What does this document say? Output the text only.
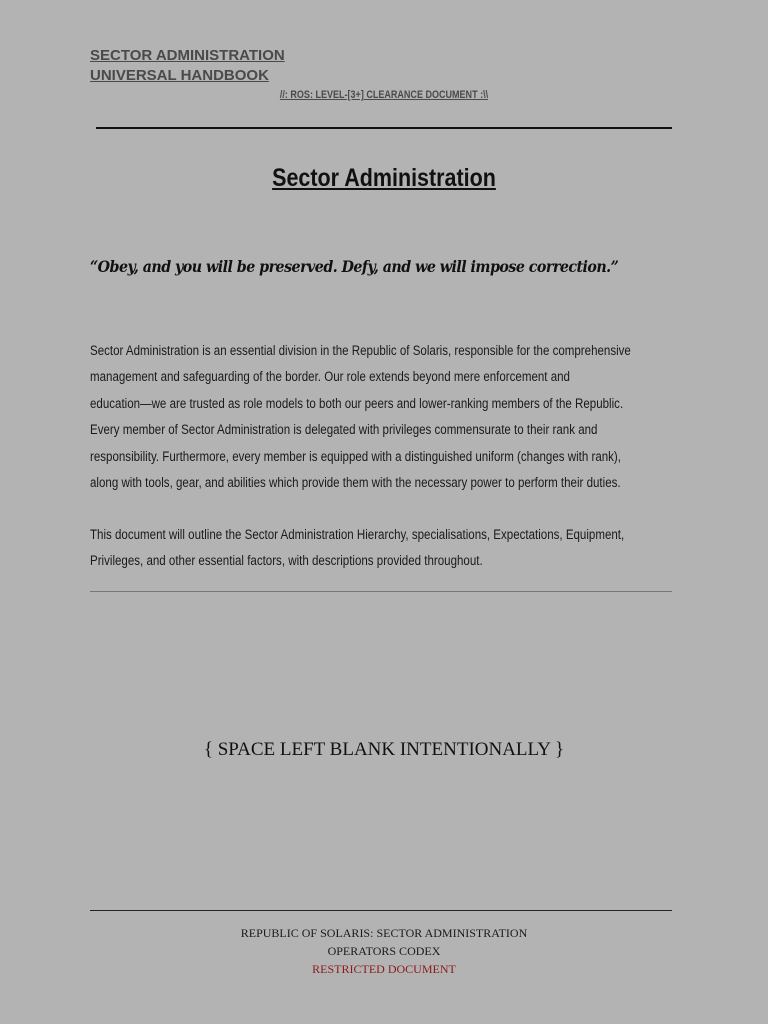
SECTOR ADMINISTRATION
UNIVERSAL HANDBOOK
//: ROS: LEVEL-[3+] CLEARANCE DOCUMENT :\\
Sector Administration
“Obey, and you will be preserved. Defy, and we will impose correction.”

Sector Administration is an essential division in the Republic of Solaris, responsible for the comprehensive
management and safeguarding of the border. Our role extends beyond mere enforcement and
education—we are trusted as role models to both our peers and lower-ranking members of the Republic.
Every member of Sector Administration is delegated with privileges commensurate to their rank and
responsibility. Furthermore, every member is equipped with a distinguished uniform (changes with rank),
along with tools, gear, and abilities which provide them with the necessary power to perform their duties.

This document will outline the Sector Administration Hierarchy, specialisations, Expectations, Equipment,
Privileges, and other essential factors, with descriptions provided throughout.

{ SPACE LEFT BLANK INTENTIONALLY }
REPUBLIC OF SOLARIS: SECTOR ADMINISTRATION
OPERATORS CODEX
RESTRICTED DOCUMENT
